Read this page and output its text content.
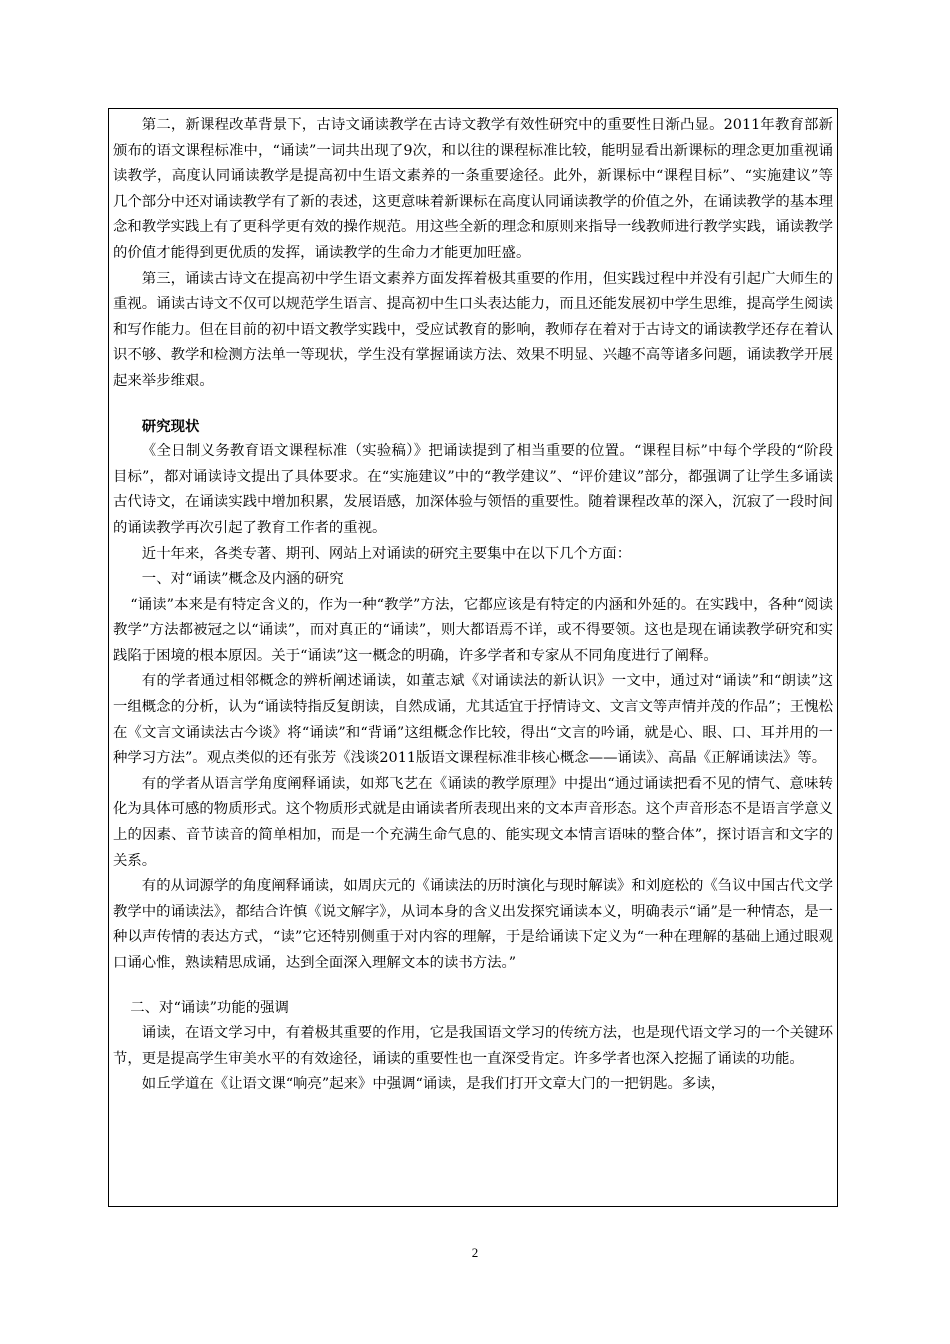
第二，新课程改革背景下，古诗文诵读教学在古诗文教学有效性研究中的重要性日渐凸显。2011年教育部新颁布的语文课程标准中，“诵读”一词共出现了9次，和以往的课程标准比较，能明显看出新课标的理念更加重视诵读教学，高度认同诵读教学是提高初中生语文素养的一条重要途径。此外，新课标中“课程目标”、“实施建议”等几个部分中还对诵读教学有了新的表述，这更意味着新课标在高度认同诵读教学的价值之外，在诵读教学的基本理念和教学实践上有了更科学更有效的操作规范。用这些全新的理念和原则来指导一线教师进行教学实践，诵读教学的价值才能得到更优质的发挥，诵读教学的生命力才能更加旺盛。

第三，诵读古诗文在提高初中学生语文素养方面发挥着极其重要的作用，但实践过程中并没有引起广大师生的重视。诵读古诗文不仅可以规范学生语言、提高初中生口头表达能力，而且还能发展初中学生思维，提高学生阅读和写作能力。但在目前的初中语文教学实践中，受应试教育的影响，教师存在着对于古诗文的诵读教学还存在着认识不够、教学和检测方法单一等现状，学生没有掌握诵读方法、效果不明显、兴趣不高等诸多问题，诵读教学开展起来举步维艰。

研究现状

《全日制义务教育语文课程标准（实验稿）》把诵读提到了相当重要的位置。“课程目标”中每个学段的“阶段目标”，都对诵读诗文提出了具体要求。在“实施建议”中的“教学建议”、“评价建议”部分，都强调了让学生多诵读古代诗文，在诵读实践中增加积累，发展语感，加深体验与领悟的重要性。随着课程改革的深入，沉寂了一段时间的诵读教学再次引起了教育工作者的重视。

近十年来，各类专著、期刊、网站上对诵读的研究主要集中在以下几个方面：

一、对“诵读”概念及内涵的研究

“诵读”本来是有特定含义的，作为一种“教学”方法，它都应该是有特定的内涵和外延的。在实践中，各种“阅读教学”方法都被冠之以“诵读”，而对真正的“诵读”，则大都语焉不详，或不得要领。这也是现在诵读教学研究和实践陷于困境的根本原因。关于“诵读”这一概念的明确，许多学者和专家从不同角度进行了阐释。

有的学者通过相邻概念的辨析阐述诵读，如董志斌《对诵读法的新认识》一文中，通过对“诵读”和“朗读”这一组概念的分析，认为“诵读特指反复朗读，自然成诵，尤其适宜于抒情诗文、文言文等声情并茂的作品”；王愧松在《文言文诵读法古今谈》将“诵读”和“背诵”这组概念作比较，得出“文言的吟诵，就是心、眼、口、耳并用的一种学习方法”。观点类似的还有张芳《浅谈2011版语文课程标准非核心概念——诵读》、高晶《正解诵读法》等。

有的学者从语言学角度阐释诵读，如郑飞艺在《诵读的教学原理》中提出“通过诵读把看不见的情气、意味转化为具体可感的物质形式。这个物质形式就是由诵读者所表现出来的文本声音形态。这个声音形态不是语言学意义上的因素、音节读音的简单相加，而是一个充满生命气息的、能实现文本情言语味的整合体”，探讨语言和文字的关系。

有的从词源学的角度阐释诵读，如周庆元的《诵读法的历时演化与现时解读》和刘庭松的《刍议中国古代文学教学中的诵读法》，都结合许慎《说文解字》，从词本身的含义出发探究诵读本义，明确表示“诵”是一种情态，是一种以声传情的表达方式，“读”它还特别侧重于对内容的理解，于是给诵读下定义为“一种在理解的基础上通过眼观口诵心惟，熟读精思成诵，达到全面深入理解文本的读书方法。”

二、对“诵读”功能的强调

诵读，在语文学习中，有着极其重要的作用，它是我国语文学习的传统方法，也是现代语文学习的一个关键环节，更是提高学生审美水平的有效途径，诵读的重要性也一直深受肯定。许多学者也深入挖掘了诵读的功能。

如丘学道在《让语文课“响亮”起来》中强调“诵读，是我们打开文章大门的一把钥匙。多读，

2
